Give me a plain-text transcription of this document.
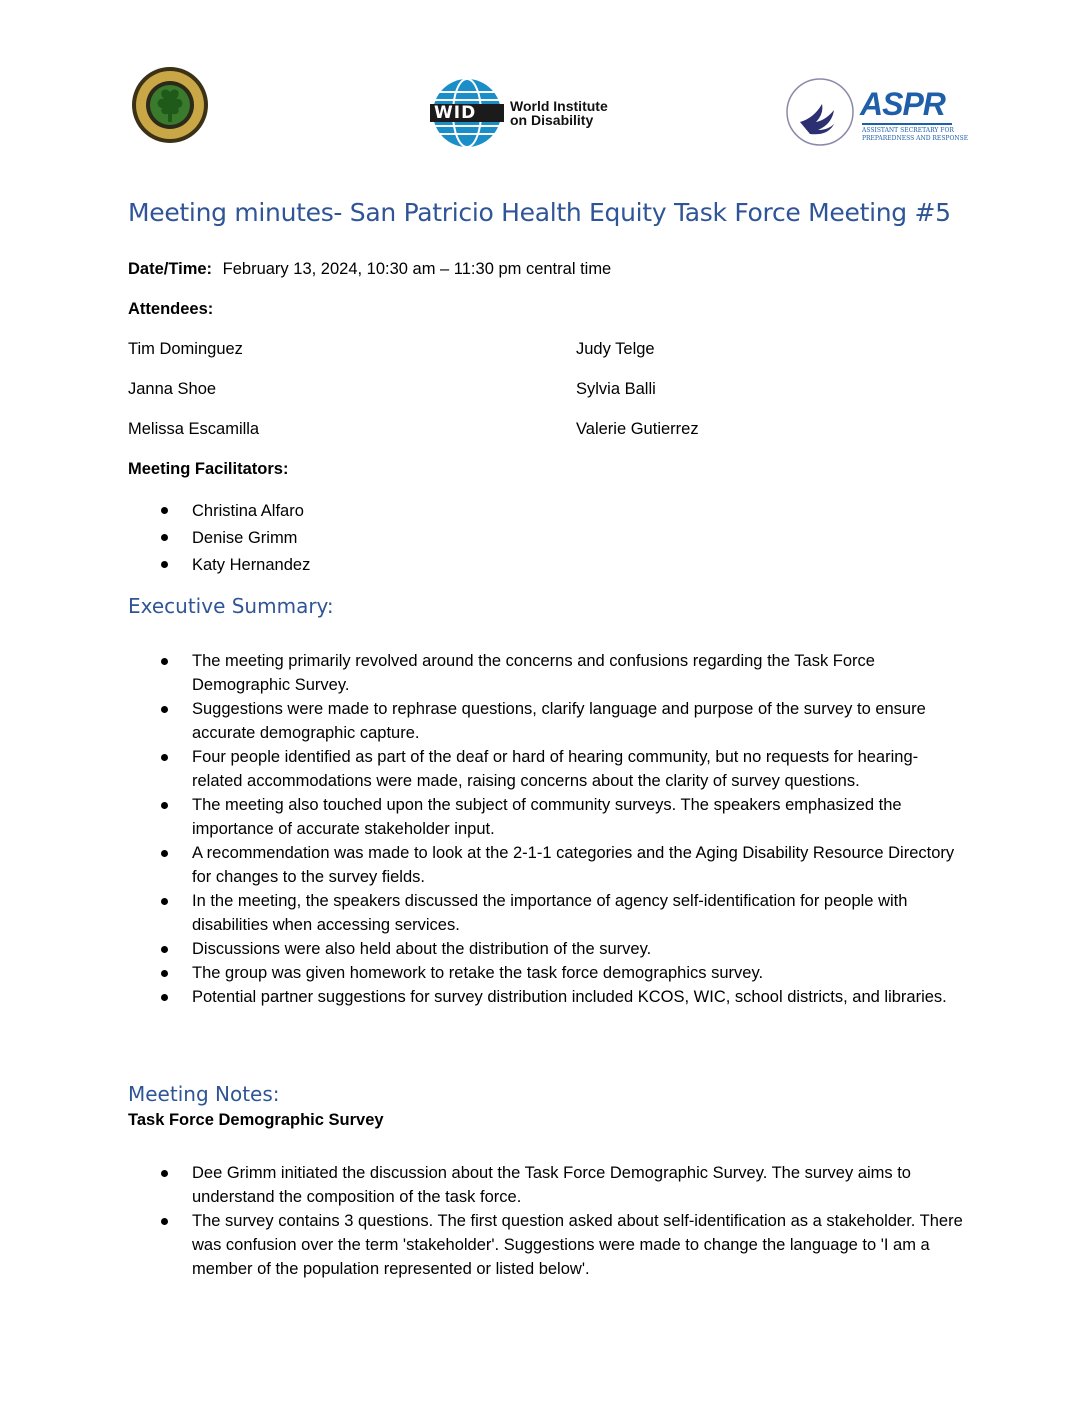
WID World Institute
on Disability	ASPR
ASSISTANT SECRETARY FOR
PREPAREDNESS AND RESPONSE
Meeting minutes- San Patricio Health Equity Task Force Meeting #5
Date/Time: February 13, 2024, 10:30 am – 11:30 pm central time
Attendees:
Tim Dominguez
Janna Shoe
Melissa Escamilla
Judy Telge
Sylvia Balli
Valerie Gutierrez
Meeting Facilitators:
Christina Alfaro
Denise Grimm
Katy Hernandez
Executive Summary:
The meeting primarily revolved around the concerns and confusions regarding the Task Force Demographic Survey.
Suggestions were made to rephrase questions, clarify language and purpose of the survey to ensure accurate demographic capture.
Four people identified as part of the deaf or hard of hearing community, but no requests for hearing-related accommodations were made, raising concerns about the clarity of survey questions.
The meeting also touched upon the subject of community surveys. The speakers emphasized the importance of accurate stakeholder input.
A recommendation was made to look at the 2-1-1 categories and the Aging Disability Resource Directory for changes to the survey fields.
In the meeting, the speakers discussed the importance of agency self-identification for people with disabilities when accessing services.
Discussions were also held about the distribution of the survey.
The group was given homework to retake the task force demographics survey.
Potential partner suggestions for survey distribution included KCOS, WIC, school districts, and libraries.
Meeting Notes:
Task Force Demographic Survey
Dee Grimm initiated the discussion about the Task Force Demographic Survey. The survey aims to understand the composition of the task force.
The survey contains 3 questions. The first question asked about self-identification as a stakeholder. There was confusion over the term 'stakeholder'. Suggestions were made to change the language to 'I am a member of the population represented or listed below'.
